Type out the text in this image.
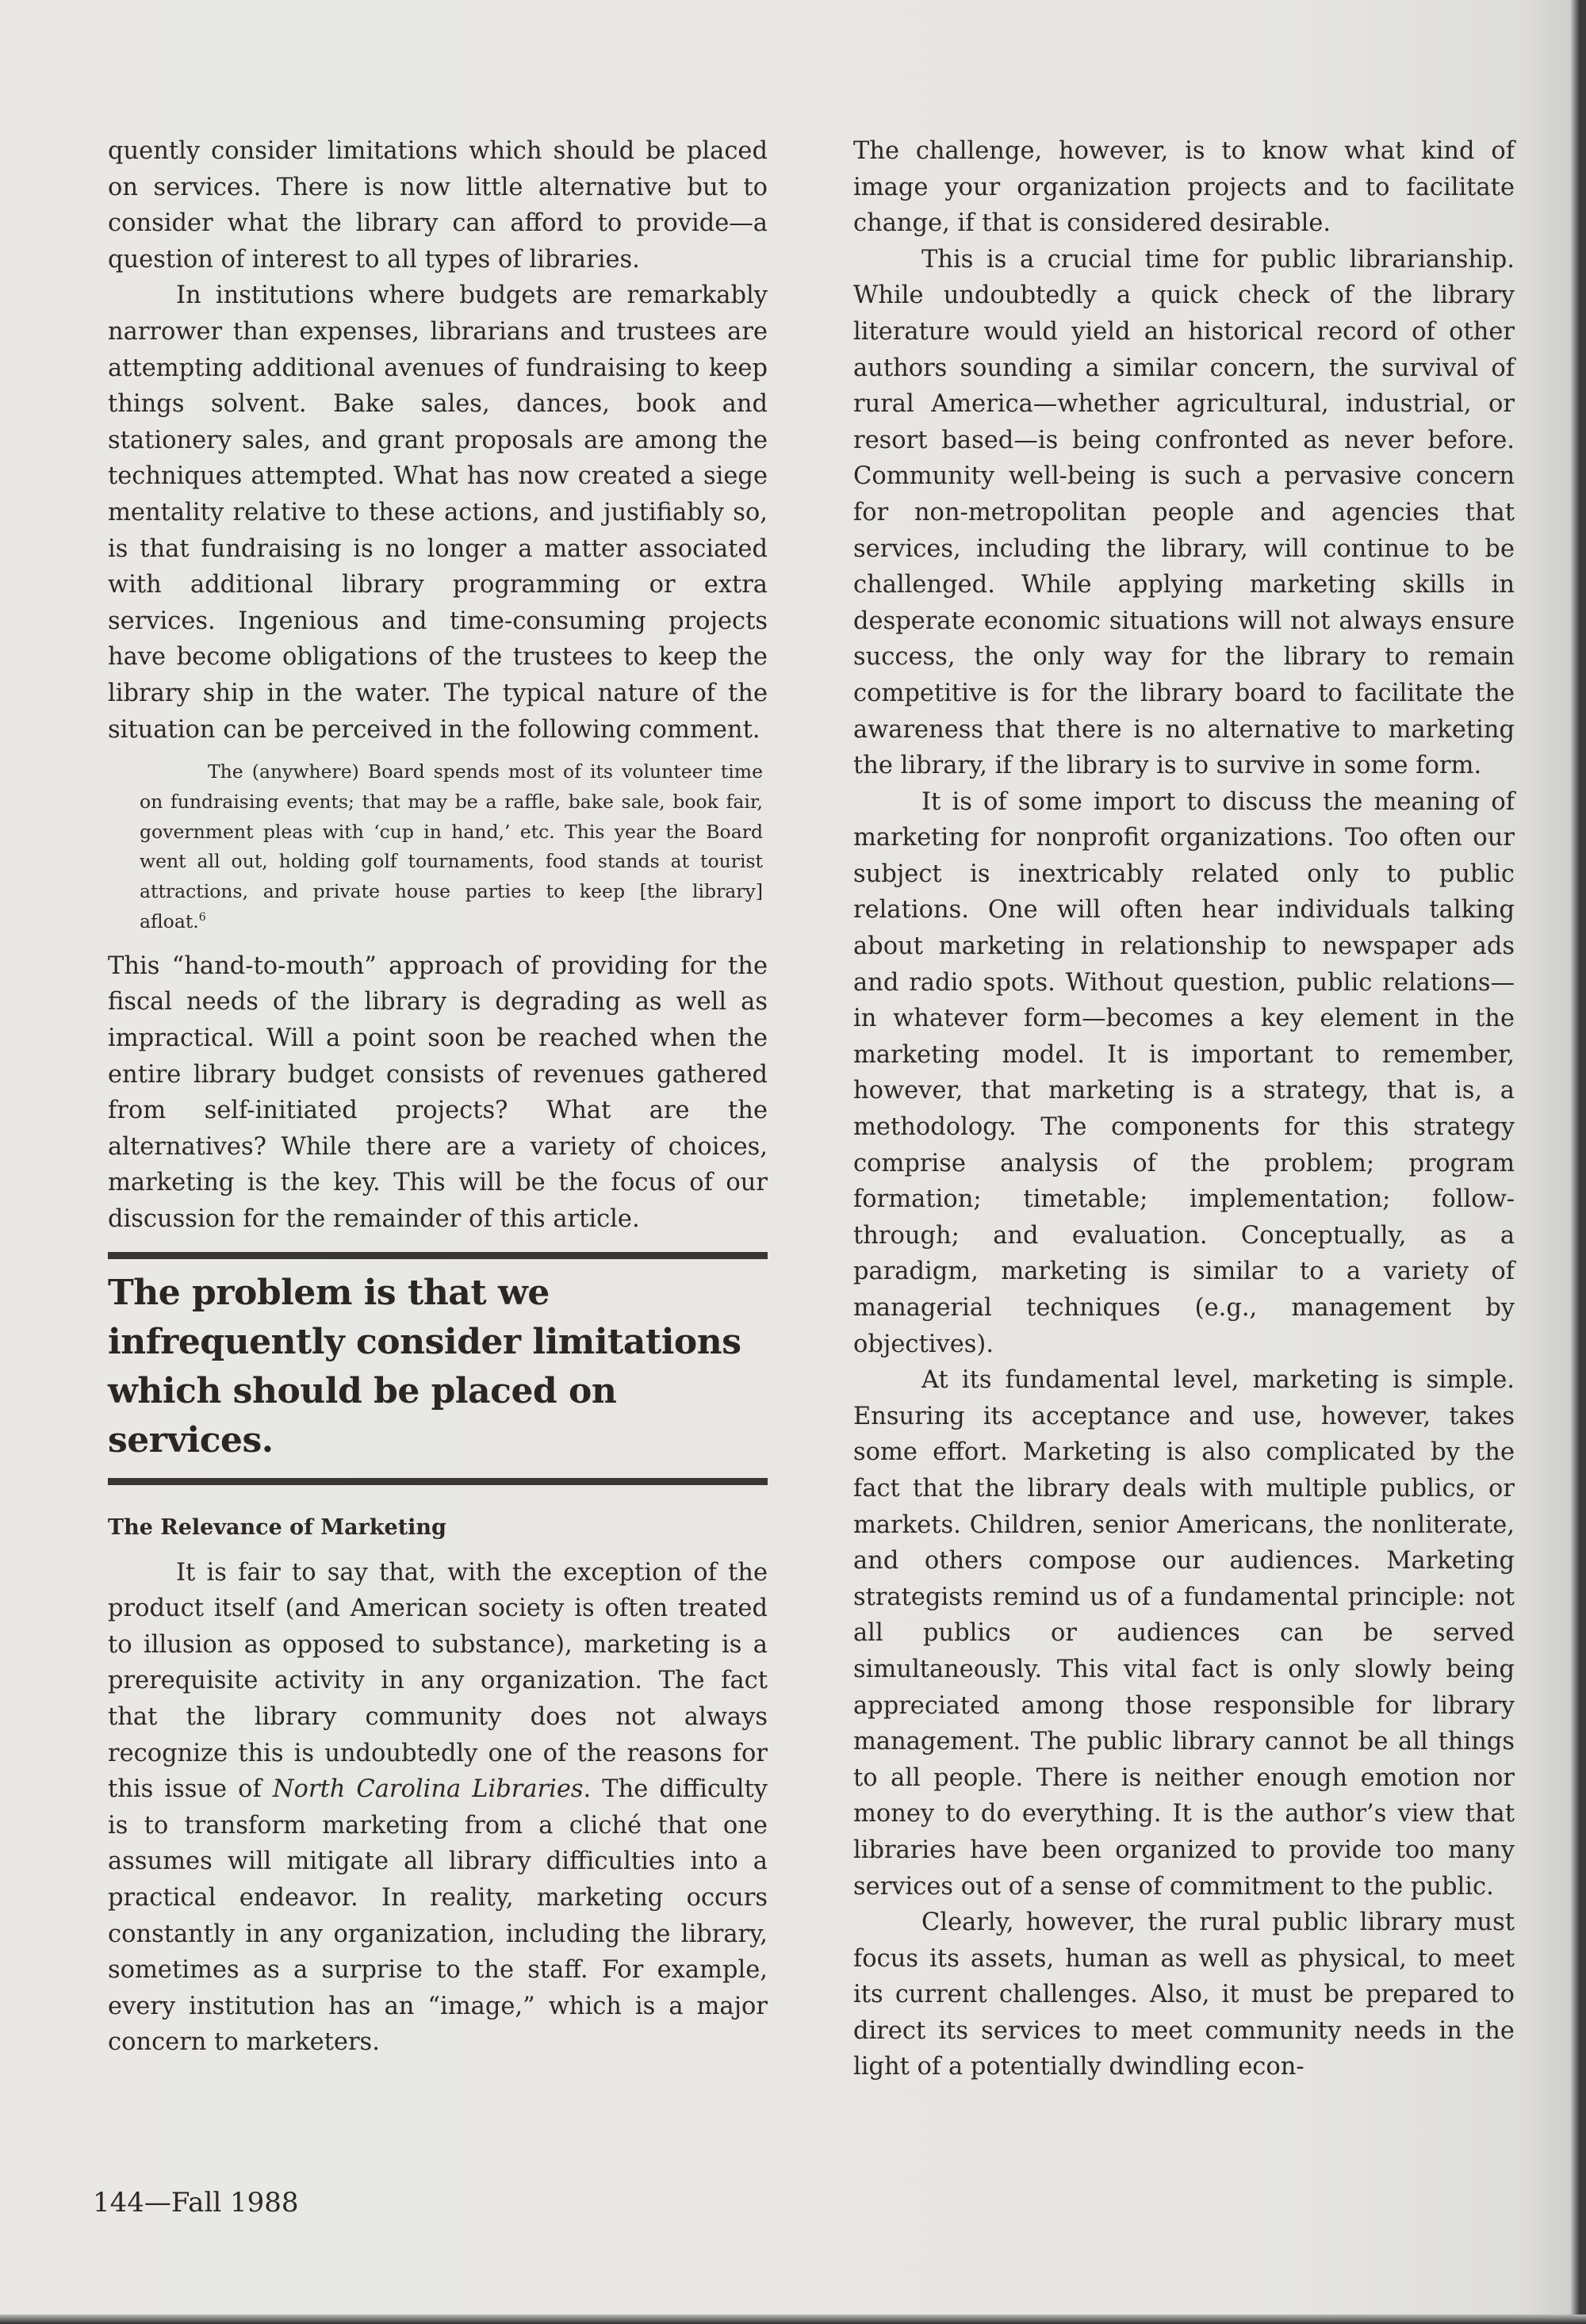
quently consider limitations which should be placed on services. There is now little alternative but to consider what the library can afford to provide—a question of interest to all types of libraries.

In institutions where budgets are remarkably narrower than expenses, librarians and trustees are attempting additional avenues of fundraising to keep things solvent. Bake sales, dances, book and stationery sales, and grant proposals are among the techniques attempted. What has now created a siege mentality relative to these actions, and justifiably so, is that fundraising is no longer a matter associated with additional library programming or extra services. Ingenious and time-consuming projects have become obligations of the trustees to keep the library ship in the water. The typical nature of the situation can be perceived in the following comment.

The (anywhere) Board spends most of its volunteer time on fundraising events; that may be a raffle, bake sale, book fair, government pleas with ‘cup in hand,’ etc. This year the Board went all out, holding golf tournaments, food stands at tourist attractions, and private house parties to keep [the library] afloat.$^6$

This “hand-to-mouth” approach of providing for the fiscal needs of the library is degrading as well as impractical. Will a point soon be reached when the entire library budget consists of revenues gathered from self-initiated projects? What are the alternatives? While there are a variety of choices, marketing is the key. This will be the focus of our discussion for the remainder of this article.

The problem is that we infrequently consider limitations which should be placed on services.

The Relevance of Marketing

It is fair to say that, with the exception of the product itself (and American society is often treated to illusion as opposed to substance), marketing is a prerequisite activity in any organization. The fact that the library community does not always recognize this is undoubtedly one of the reasons for this issue of North Carolina Libraries. The difficulty is to transform marketing from a cliché that one assumes will mitigate all library difficulties into a practical endeavor. In reality, marketing occurs constantly in any organization, including the library, sometimes as a surprise to the staff. For example, every institution has an “image,” which is a major concern to marketers.

The challenge, however, is to know what kind of image your organization projects and to facilitate change, if that is considered desirable.

This is a crucial time for public librarianship. While undoubtedly a quick check of the library literature would yield an historical record of other authors sounding a similar concern, the survival of rural America—whether agricultural, industrial, or resort based—is being confronted as never before. Community well-being is such a pervasive concern for non-metropolitan people and agencies that services, including the library, will continue to be challenged. While applying marketing skills in desperate economic situations will not always ensure success, the only way for the library to remain competitive is for the library board to facilitate the awareness that there is no alternative to marketing the library, if the library is to survive in some form.

It is of some import to discuss the meaning of marketing for nonprofit organizations. Too often our subject is inextricably related only to public relations. One will often hear individuals talking about marketing in relationship to newspaper ads and radio spots. Without question, public relations—in whatever form—becomes a key element in the marketing model. It is important to remember, however, that marketing is a strategy, that is, a methodology. The components for this strategy comprise analysis of the problem; program formation; timetable; implementation; follow-through; and evaluation. Conceptually, as a paradigm, marketing is similar to a variety of managerial techniques (e.g., management by objectives).

At its fundamental level, marketing is simple. Ensuring its acceptance and use, however, takes some effort. Marketing is also complicated by the fact that the library deals with multiple publics, or markets. Children, senior Americans, the nonliterate, and others compose our audiences. Marketing strategists remind us of a fundamental principle: not all publics or audiences can be served simultaneously. This vital fact is only slowly being appreciated among those responsible for library management. The public library cannot be all things to all people. There is neither enough emotion nor money to do everything. It is the author’s view that libraries have been organized to provide too many services out of a sense of commitment to the public.

Clearly, however, the rural public library must focus its assets, human as well as physical, to meet its current challenges. Also, it must be prepared to direct its services to meet community needs in the light of a potentially dwindling econ-

144—Fall 1988
